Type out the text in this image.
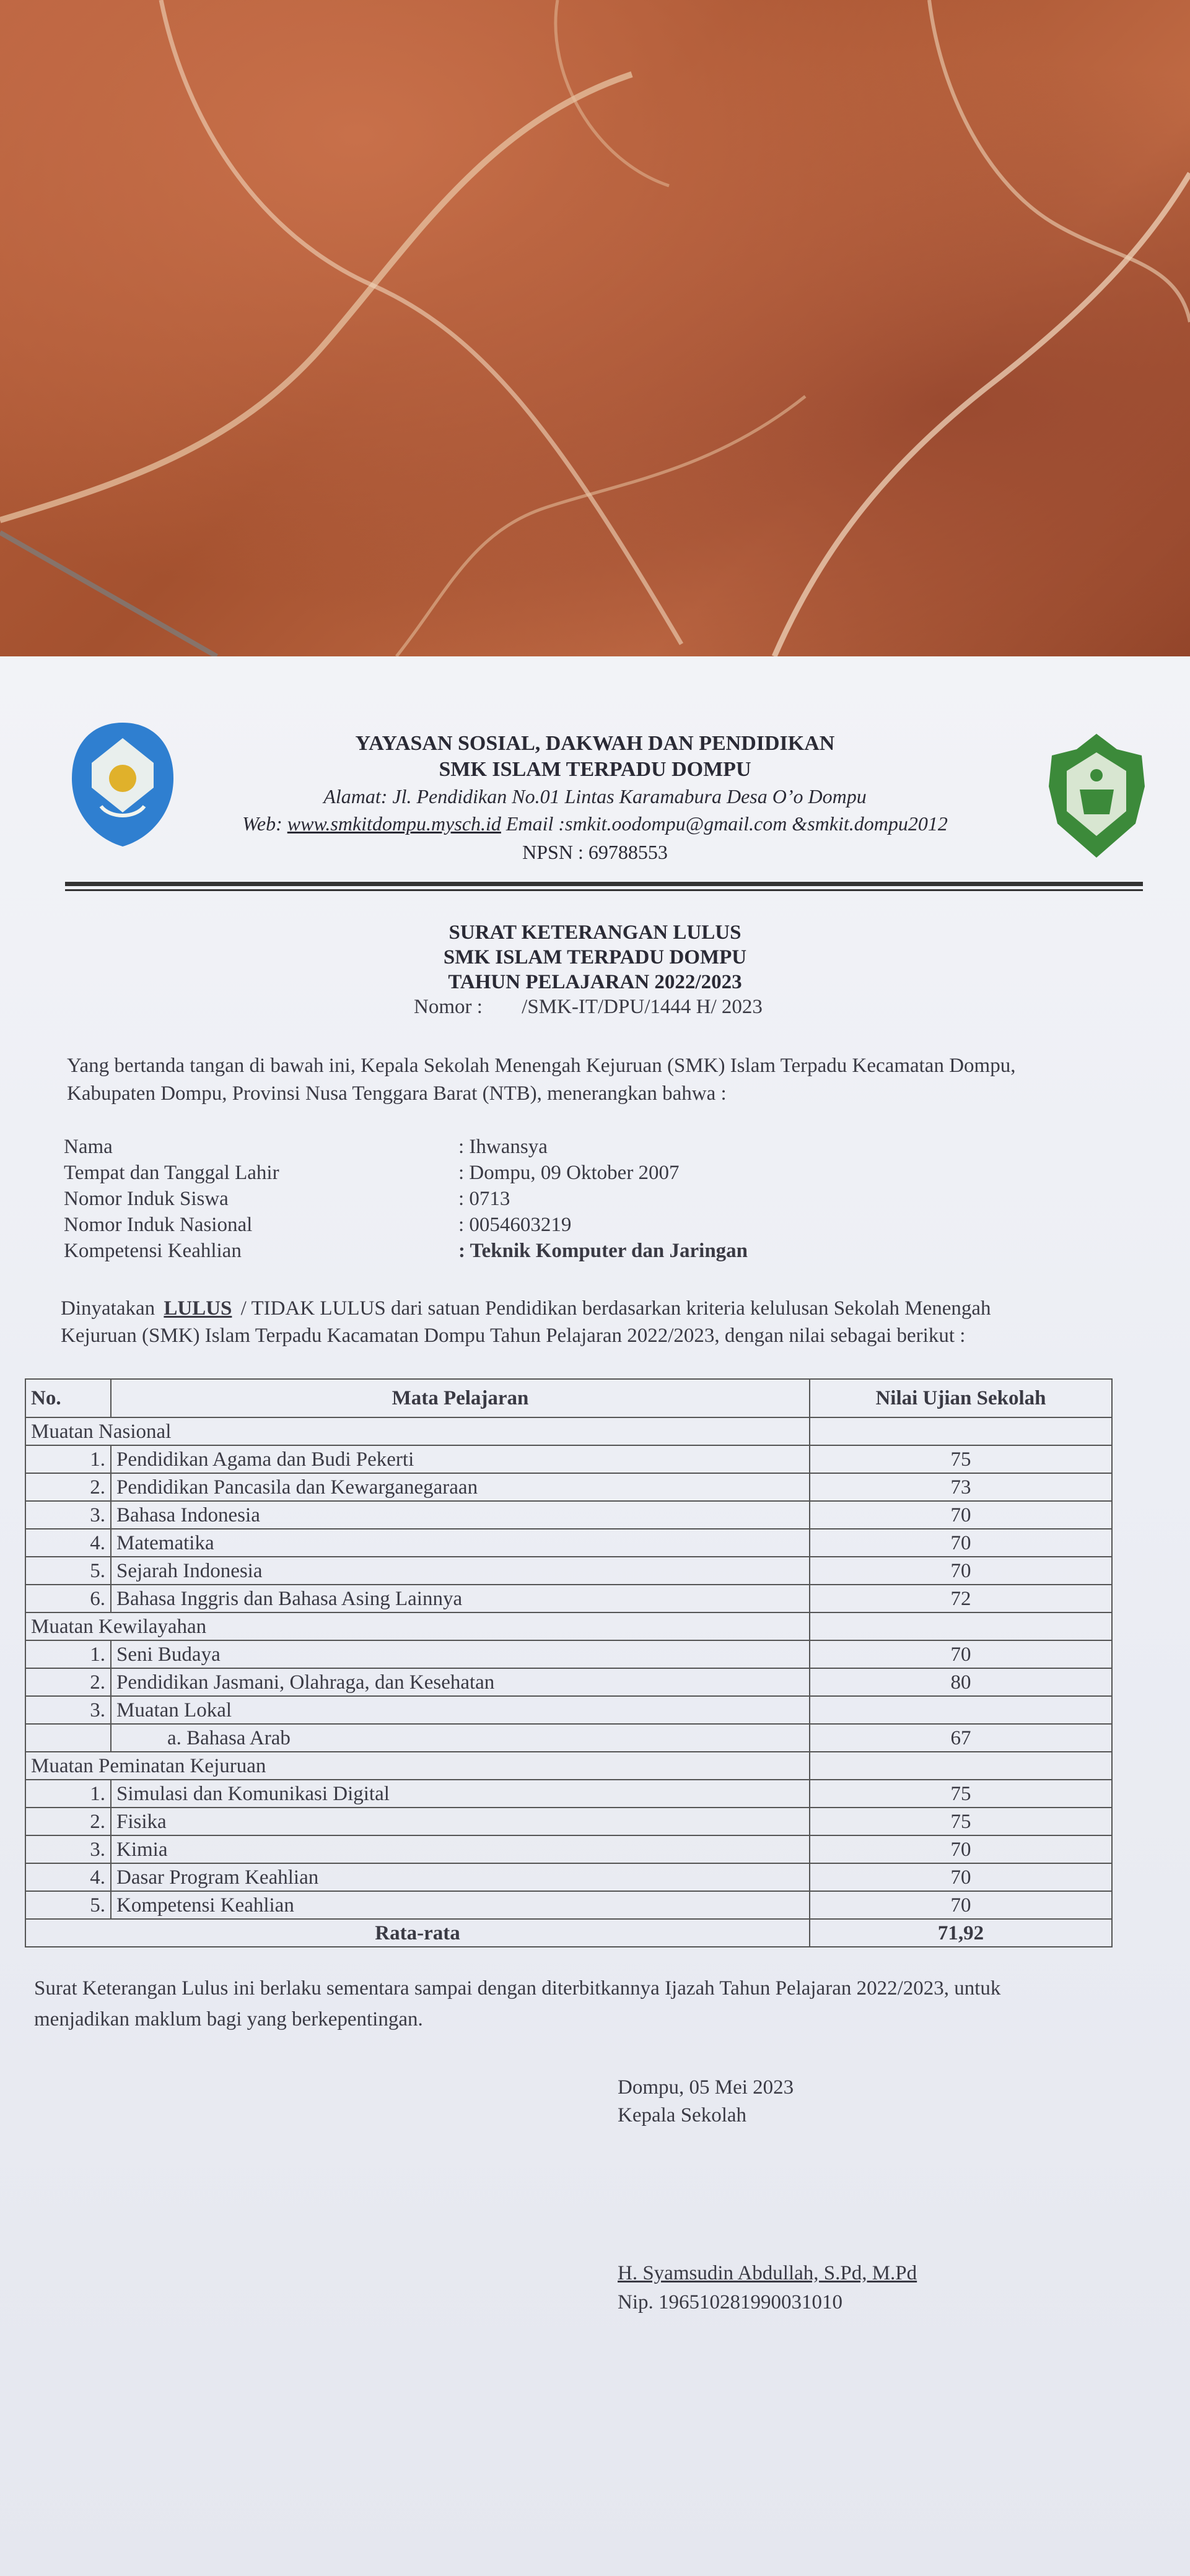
YAYASAN SOSIAL, DAKWAH DAN PENDIDIKAN
SMK ISLAM TERPADU DOMPU
Alamat: Jl. Pendidikan No.01 Lintas Karamabura Desa O’o Dompu
Web: www.smkitdompu.mysch.id Email :smkit.oodompu@gmail.com &smkit.dompu2012
NPSN : 69788553
SURAT KETERANGAN LULUS
SMK ISLAM TERPADU DOMPU
TAHUN PELAJARAN 2022/2023
Nomor : /SMK-IT/DPU/1444 H/ 2023
Yang bertanda tangan di bawah ini, Kepala Sekolah Menengah Kejuruan (SMK) Islam Terpadu Kecamatan Dompu,
Kabupaten Dompu, Provinsi Nusa Tenggara Barat (NTB), menerangkan bahwa :
Nama	: Ihwansya
Tempat dan Tanggal Lahir	: Dompu, 09 Oktober 2007
Nomor Induk Siswa	: 0713
Nomor Induk Nasional	: 0054603219
Kompetensi Keahlian	: Teknik Komputer dan Jaringan
Dinyatakan LULUS / TIDAK LULUS dari satuan Pendidikan berdasarkan kriteria kelulusan Sekolah Menengah
Kejuruan (SMK) Islam Terpadu Kacamatan Dompu Tahun Pelajaran 2022/2023, dengan nilai sebagai berikut :
No.	Mata Pelajaran	Nilai Ujian Sekolah
Muatan Nasional		
1.	Pendidikan Agama dan Budi Pekerti	75
2.	Pendidikan Pancasila dan Kewarganegaraan	73
3.	Bahasa Indonesia	70
4.	Matematika	70
5.	Sejarah Indonesia	70
6.	Bahasa Inggris dan Bahasa Asing Lainnya	72
Muatan Kewilayahan		
1.	Seni Budaya	70
2.	Pendidikan Jasmani, Olahraga, dan Kesehatan	80
3.	Muatan Lokal	
	a. Bahasa Arab	67
Muatan Peminatan Kejuruan		
1.	Simulasi dan Komunikasi Digital	75
2.	Fisika	75
3.	Kimia	70
4.	Dasar Program Keahlian	70
5.	Kompetensi Keahlian	70
Rata-rata		71,92
Surat Keterangan Lulus ini berlaku sementara sampai dengan diterbitkannya Ijazah Tahun Pelajaran 2022/2023, untuk
menjadikan maklum bagi yang berkepentingan.
Dompu, 05 Mei 2023
Kepala Sekolah
H. Syamsudin Abdullah, S.Pd, M.Pd
Nip. 196510281990031010
